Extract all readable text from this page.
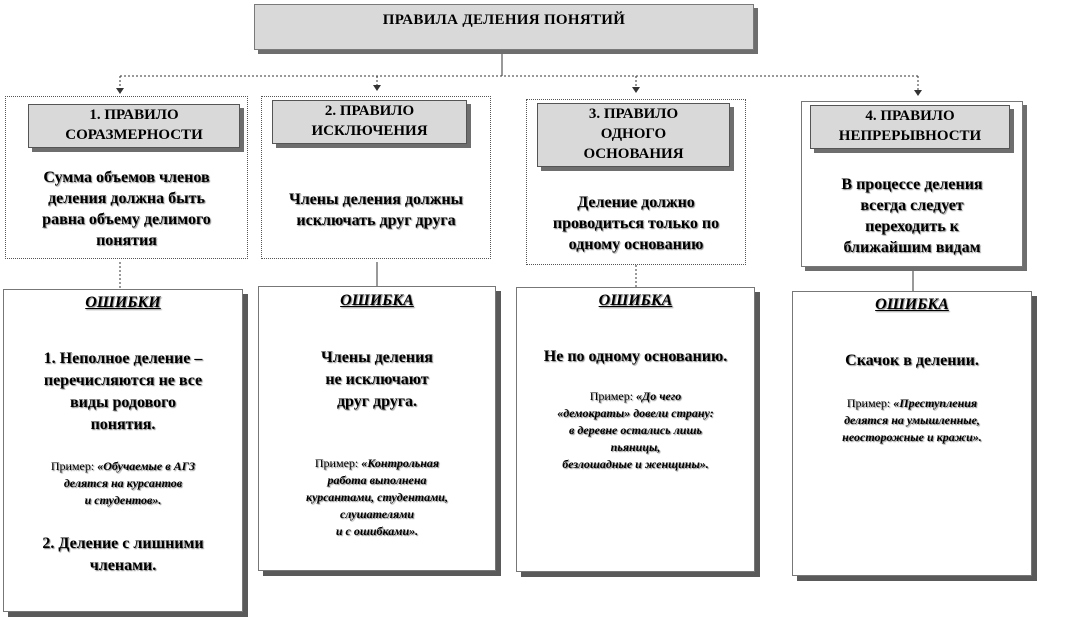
ПРАВИЛА ДЕЛЕНИЯ ПОНЯТИЙ
1. ПРАВИЛО
СОРАЗМЕРНОСТИ
Сумма объемов членов
деления должна быть
равна объему делимого
понятия
2. ПРАВИЛО
ИСКЛЮЧЕНИЯ
Члены деления должны
исключать друг друга
3. ПРАВИЛО
ОДНОГО
ОСНОВАНИЯ
Деление должно
проводиться только по
одному основанию
4. ПРАВИЛО
НЕПРЕРЫВНОСТИ
В процессе деления
всегда следует
переходить к
ближайшим видам
ОШИБКИ
1. Неполное деление –
перечисляются не все
виды родового
понятия.
Пример: «Обучаемые в АГЗ
делятся на курсантов
и студентов».
2. Деление с лишними
членами.
ОШИБКА
Члены деления
не исключают
друг друга.
Пример: «Контрольная
работа выполнена
курсантами, студентами,
слушателями
и с ошибками».
ОШИБКА
Не по одному основанию.
Пример: «До чего
«демократы» довели страну:
в деревне остались лишь
пьяницы,
безлошадные и женщины».
ОШИБКА
Скачок в делении.
Пример: «Преступления
делятся на умышленные,
неосторожные и кражи».
